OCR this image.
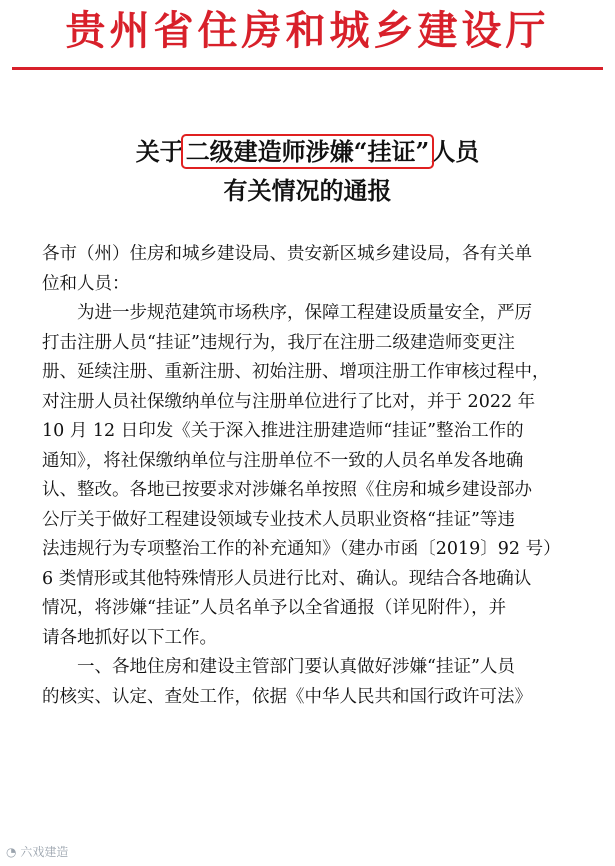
贵州省住房和城乡建设厅
关于二级建造师涉嫌“挂证”人员
有关情况的通报

各市（州）住房和城乡建设局、贵安新区城乡建设局，各有关单

位和人员：

　　为进一步规范建筑市场秩序，保障工程建设质量安全，严厉

打击注册人员“挂证”违规行为，我厅在注册二级建造师变更注

册、延续注册、重新注册、初始注册、增项注册工作审核过程中，

对注册人员社保缴纳单位与注册单位进行了比对，并于 2022 年

10 月 12 日印发《关于深入推进注册建造师“挂证”整治工作的

通知》，将社保缴纳单位与注册单位不一致的人员名单发各地确

认、整改。各地已按要求对涉嫌名单按照《住房和城乡建设部办

公厅关于做好工程建设领域专业技术人员职业资格“挂证”等违

法违规行为专项整治工作的补充通知》（建办市函〔2019〕92 号）

6 类情形或其他特殊情形人员进行比对、确认。现结合各地确认

情况，将涉嫌“挂证”人员名单予以全省通报（详见附件），并

请各地抓好以下工作。

　　一、各地住房和建设主管部门要认真做好涉嫌“挂证”人员

的核实、认定、查处工作，依据《中华人民共和国行政许可法》

◔ 六戏建造
